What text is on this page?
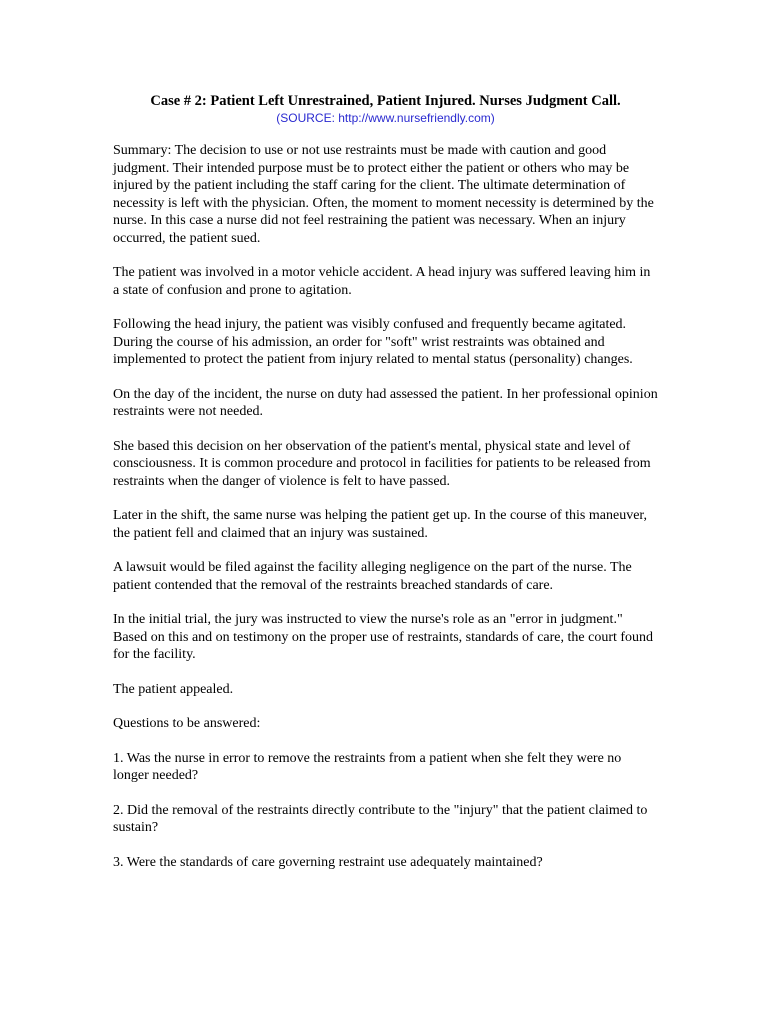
Case # 2: Patient Left Unrestrained, Patient Injured. Nurses Judgment Call.

(SOURCE: http://www.nursefriendly.com)

Summary: The decision to use or not use restraints must be made with caution and good judgment. Their intended purpose must be to protect either the patient or others who may be injured by the patient including the staff caring for the client. The ultimate determination of necessity is left with the physician. Often, the moment to moment necessity is determined by the nurse. In this case a nurse did not feel restraining the patient was necessary. When an injury occurred, the patient sued.

The patient was involved in a motor vehicle accident. A head injury was suffered leaving him in a state of confusion and prone to agitation.

Following the head injury, the patient was visibly confused and frequently became agitated. During the course of his admission, an order for "soft" wrist restraints was obtained and implemented to protect the patient from injury related to mental status (personality) changes.

On the day of the incident, the nurse on duty had assessed the patient. In her professional opinion restraints were not needed.

She based this decision on her observation of the patient's mental, physical state and level of consciousness. It is common procedure and protocol in facilities for patients to be released from restraints when the danger of violence is felt to have passed.

Later in the shift, the same nurse was helping the patient get up. In the course of this maneuver, the patient fell and claimed that an injury was sustained.

A lawsuit would be filed against the facility alleging negligence on the part of the nurse. The patient contended that the removal of the restraints breached standards of care.

In the initial trial, the jury was instructed to view the nurse's role as an "error in judgment." Based on this and on testimony on the proper use of restraints, standards of care, the court found for the facility.

The patient appealed.

Questions to be answered:

1. Was the nurse in error to remove the restraints from a patient when she felt they were no longer needed?

2. Did the removal of the restraints directly contribute to the "injury" that the patient claimed to sustain?

3. Were the standards of care governing restraint use adequately maintained?
